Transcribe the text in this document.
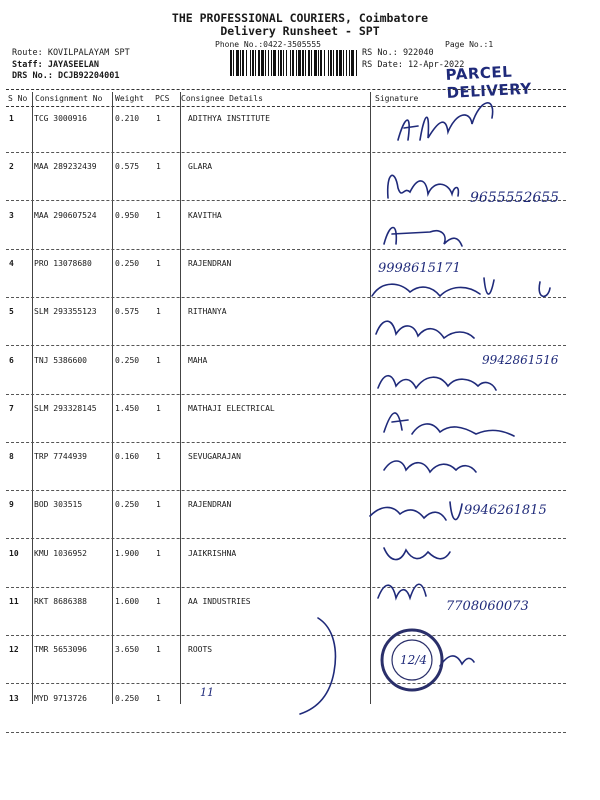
THE PROFESSIONAL COURIERS, Coimbatore
Delivery Runsheet - SPT
Phone No.:0422-3505555	Page No.:1
Route: KOVILPALAYAM SPT
Staff: JAYASEELAN
DRS No.: DCJB92204001
RS No.: 922040
RS Date: 12-Apr-2022
PARCEL DELIVERY
S No Consignment No Weight PCS Consignee Details	Signature
1	TCG 3000916	0.210 1	ADITHYA INSTITUTE
2	MAA 289232439 0.575 1	GLARA
3	MAA 290607524 0.950 1	KAVITHA
4	PRO 13078680	0.250 1	RAJENDRAN
5	SLM 293355123 0.575 1	RITHANYA
6	TNJ 5386600	0.250 1	MAHA
7	SLM 293328145 1.450 1	MATHAJI ELECTRICAL
8	TRP 7744939	0.160 1	SEVUGARAJAN
9	BOD 303515	0.250 1	RAJENDRAN
10 KMU 1036952	1.900 1	JAIKRISHNA
11 RKT 8686388	1.600 1	AA INDUSTRIES
12 TMR 5653096	3.650 1	ROOTS
13 MYD 9713726	0.250 1
9655552655
9998615171
9942861516
9946261815
7708060073
11
12/4
